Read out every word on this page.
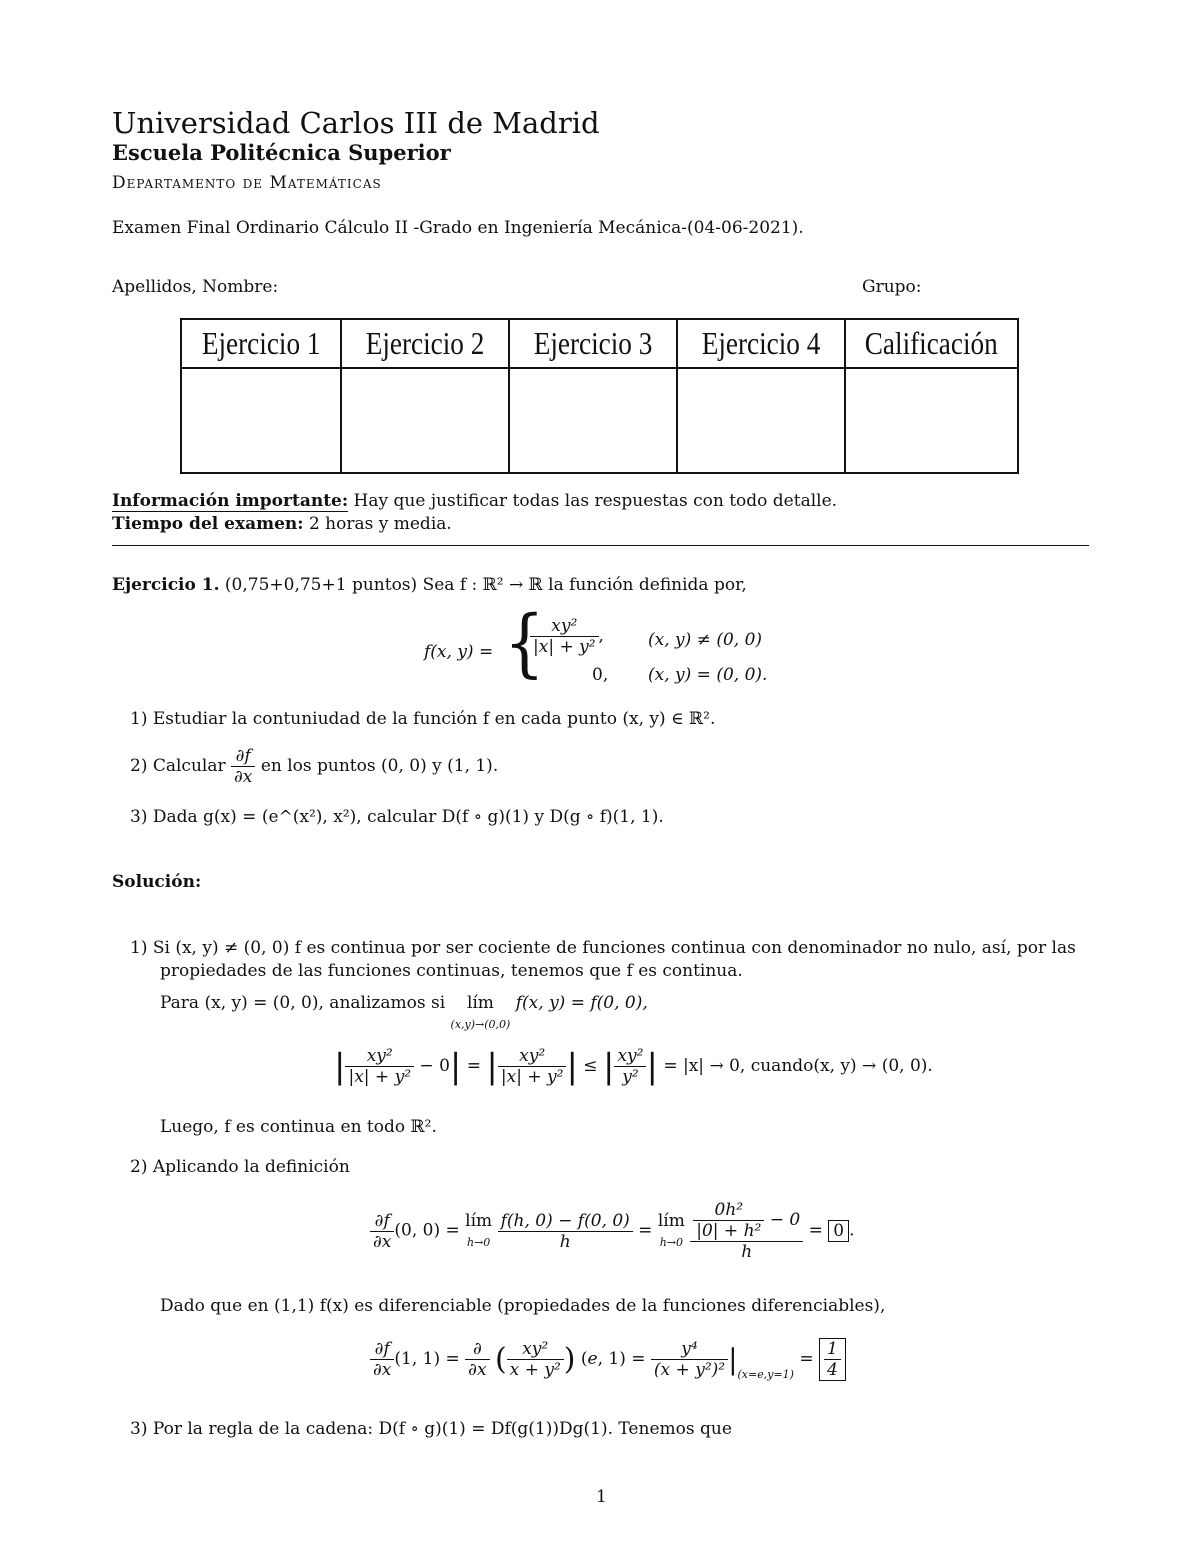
Universidad Carlos III de Madrid
Escuela Politécnica Superior
Departamento de Matemáticas
Examen Final Ordinario Cálculo II -Grado en Ingeniería Mecánica-(04-06-2021).
Apellidos, Nombre:	Grupo:
Ejercicio 1	Ejercicio 2	Ejercicio 3	Ejercicio 4	Calificación

Información importante: Hay que justificar todas las respuestas con todo detalle.
Tiempo del examen: 2 horas y media.
Ejercicio 1. (0,75+0,75+1 puntos) Sea f : ℝ² → ℝ la función definida por,
f(x, y) = {
$\frac{\text{xy²}}{\text{|x| + y²}}$ ,	(x, y) ≠ (0, 0)
0, (x, y) = (0, 0).
1) Estudiar la contuniudad de la función f en cada punto (x, y) ∈ ℝ².
2) Calcular $\frac{\partial f}{\partial x}$ en los puntos (0, 0) y (1, 1).
3) Dada g(x) = (e^(x²), x²), calcular D(f ∘ g)(1) y D(g ∘ f)(1, 1).
Solución:
1) Si (x, y) ≠ (0, 0) f es continua por ser cociente de funciones continua con denominador no nulo, así, por las
propiedades de las funciones continuas, tenemos que f es continua.
Para (x, y) = (0, 0), analizamos si lím
(x,y)→(0,0) f(x, y) = f(0, 0),
| $\frac{\text{xy²}}{\text{|x| + y²}} - 0|$ = | $\frac{\text{xy²}}{\text{|x| + y²}}$ | ≤ | $\frac{\text{xy²}}{\text{y²}}$ | = |x| → 0, cuando(x, y) → (0, 0).
Luego, f es continua en todo ℝ².
2) Aplicando la definición
$\frac{\partial f}{\partial x} (0$, 0) = lím
$h\to 0 \frac{f(h, 0) - f(0, 0)}{h}$ = lím
$h\to 0 \frac{\frac{\text{0h²}}{\text{|0| + h²}} - 0}{h} = 0$ .
Dado que en (1,1) f(x) es diferenciable (propiedades de la funciones diferenciables),
$\frac{\partial f}{\partial x} (1$, $1) = \frac{\partial}{\partial x}$ ( $\frac{\text{xy²}}{\text{x + y²}}$ ) (e, $1) = \frac{\text{y⁴}}{\text{(x + y²)²}} |_{(x=e,y=1)} = \frac{1}{4}$
3) Por la regla de la cadena: D(f ∘ g)(1) = Df(g(1))Dg(1). Tenemos que
1
